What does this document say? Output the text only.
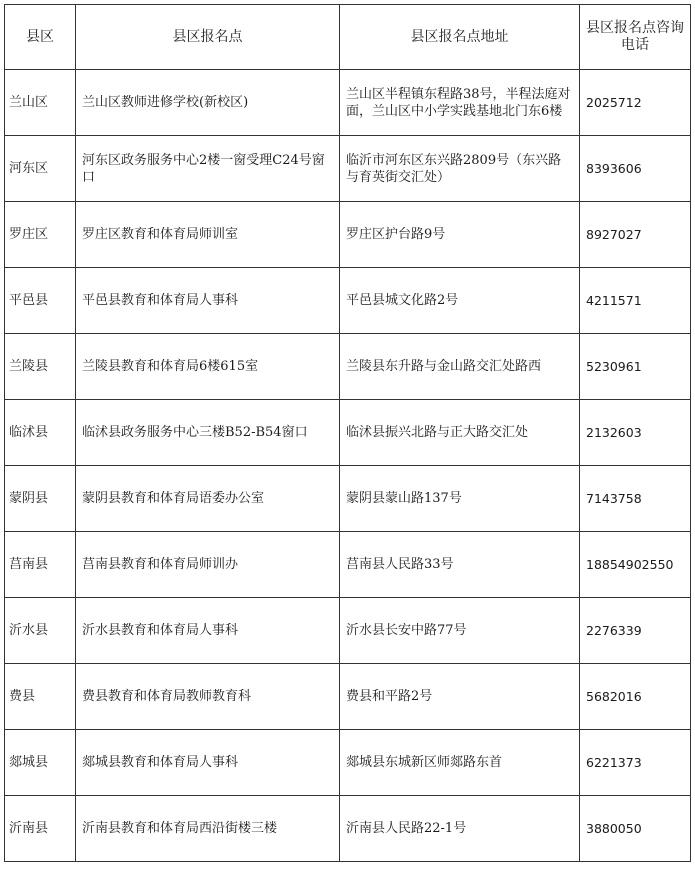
县区	县区报名点	县区报名点地址	县区报名点咨询电话
兰山区	兰山区教师进修学校(新校区)	兰山区半程镇东程路38号，半程法庭对面，兰山区中小学实践基地北门东6楼	2025712
河东区	河东区政务服务中心2楼一窗受理C24号窗口	临沂市河东区东兴路2809号（东兴路与育英街交汇处）	8393606
罗庄区	罗庄区教育和体育局师训室	罗庄区护台路9号	8927027
平邑县	平邑县教育和体育局人事科	平邑县城文化路2号	4211571
兰陵县	兰陵县教育和体育局6楼615室	兰陵县东升路与金山路交汇处路西	5230961
临沭县	临沭县政务服务中心三楼B52-B54窗口	临沭县振兴北路与正大路交汇处	2132603
蒙阴县	蒙阴县教育和体育局语委办公室	蒙阴县蒙山路137号	7143758
莒南县	莒南县教育和体育局师训办	莒南县人民路33号	18854902550
沂水县	沂水县教育和体育局人事科	沂水县长安中路77号	2276339
费县	费县教育和体育局教师教育科	费县和平路2号	5682016
郯城县	郯城县教育和体育局人事科	郯城县东城新区师郯路东首	6221373
沂南县	沂南县教育和体育局西沿街楼三楼	沂南县人民路22-1号	3880050
